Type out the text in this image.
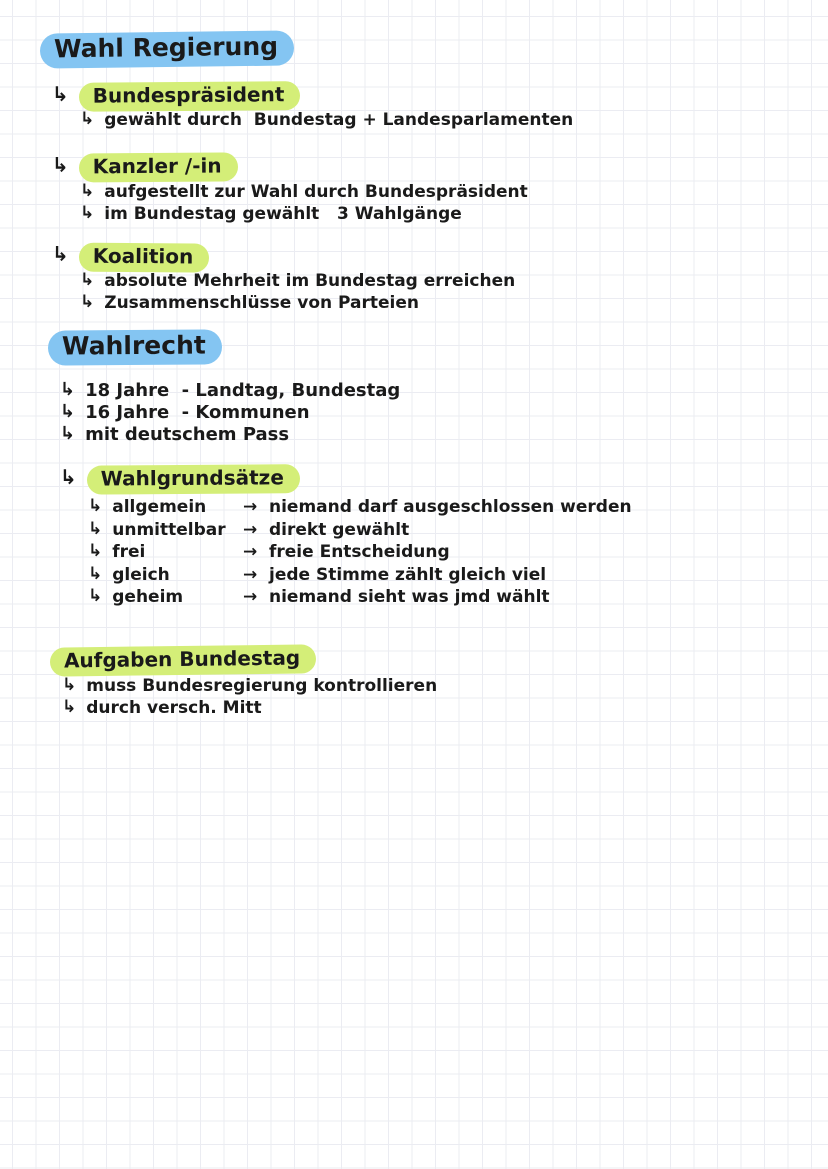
Wahl Regierung
↳	Bundespräsident
↳ gewählt durch  Bundestag + Landesparlamenten
↳	Kanzler /-in
↳ aufgestellt zur Wahl durch Bundespräsident
↳ im Bundestag gewählt   3 Wahlgänge
↳	Koalition
↳ absolute Mehrheit im Bundestag erreichen
↳ Zusammenschlüsse von Parteien
Wahlrecht
↳ 18 Jahre  - Landtag, Bundestag
↳ 16 Jahre  - Kommunen
↳ mit deutschem Pass
↳	Wahlgrundsätze
↳ allgemein → niemand darf ausgeschlossen werden
↳ unmittelbar → direkt gewählt
↳ frei	→ freie Entscheidung
↳ gleich	→ jede Stimme zählt gleich viel
↳ geheim	→ niemand sieht was jmd wählt
Aufgaben Bundestag
↳ muss Bundesregierung kontrollieren
↳ durch versch. Mitt
